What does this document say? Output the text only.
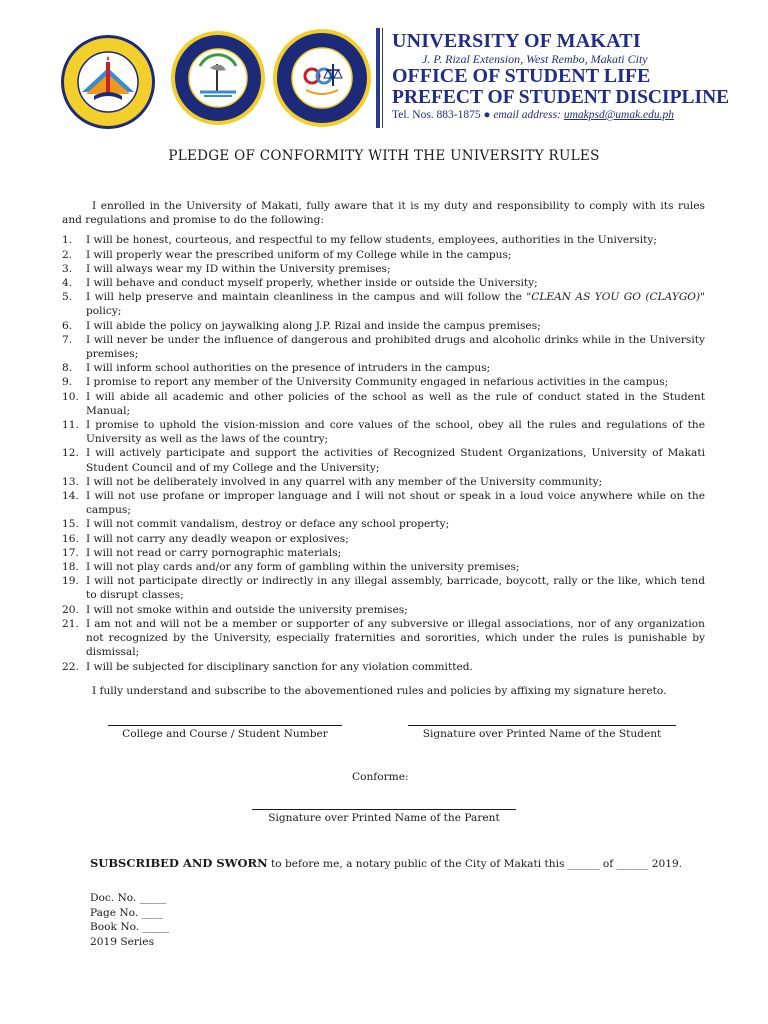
UNIVERSITY OF MAKATI
J. P. Rizal Extension, West Rembo, Makati City
OFFICE OF STUDENT LIFE
PREFECT OF STUDENT DISCIPLINE
Tel. Nos. 883-1875 ● email address: umakpsd@umak.edu.ph
PLEDGE OF CONFORMITY WITH THE UNIVERSITY RULES

I enrolled in the University of Makati, fully aware that it is my duty and responsibility to comply with its rules and regulations and promise to do the following:

1. I will be honest, courteous, and respectful to my fellow students, employees, authorities in the University;
2. I will properly wear the prescribed uniform of my College while in the campus;
3. I will always wear my ID within the University premises;
4. I will behave and conduct myself properly, whether inside or outside the University;
5. I will help preserve and maintain cleanliness in the campus and will follow the "CLEAN AS YOU GO (CLAYGO)" policy;
6. I will abide the policy on jaywalking along J.P. Rizal and inside the campus premises;
7. I will never be under the influence of dangerous and prohibited drugs and alcoholic drinks while in the University premises;
8. I will inform school authorities on the presence of intruders in the campus;
9. I promise to report any member of the University Community engaged in nefarious activities in the campus;
10. I will abide all academic and other policies of the school as well as the rule of conduct stated in the Student Manual;
11. I promise to uphold the vision-mission and core values of the school, obey all the rules and regulations of the University as well as the laws of the country;
12. I will actively participate and support the activities of Recognized Student Organizations, University of Makati Student Council and of my College and the University;
13. I will not be deliberately involved in any quarrel with any member of the University community;
14. I will not use profane or improper language and I will not shout or speak in a loud voice anywhere while on the campus;
15. I will not commit vandalism, destroy or deface any school property;
16. I will not carry any deadly weapon or explosives;
17. I will not read or carry pornographic materials;
18. I will not play cards and/or any form of gambling within the university premises;
19. I will not participate directly or indirectly in any illegal assembly, barricade, boycott, rally or the like, which tend to disrupt classes;
20. I will not smoke within and outside the university premises;
21. I am not and will not be a member or supporter of any subversive or illegal associations, nor of any organization not recognized by the University, especially fraternities and sororities, which under the rules is punishable by dismissal;
22. I will be subjected for disciplinary sanction for any violation committed.

I fully understand and subscribe to the abovementioned rules and policies by affixing my signature hereto.

College and Course / Student Number	Signature over Printed Name of the Student
Conforme:
Signature over Printed Name of the Parent
SUBSCRIBED AND SWORN to before me, a notary public of the City of Makati this ______ of ______ 2019.
Doc. No. _____
Page No. ____
Book No. _____
2019 Series
